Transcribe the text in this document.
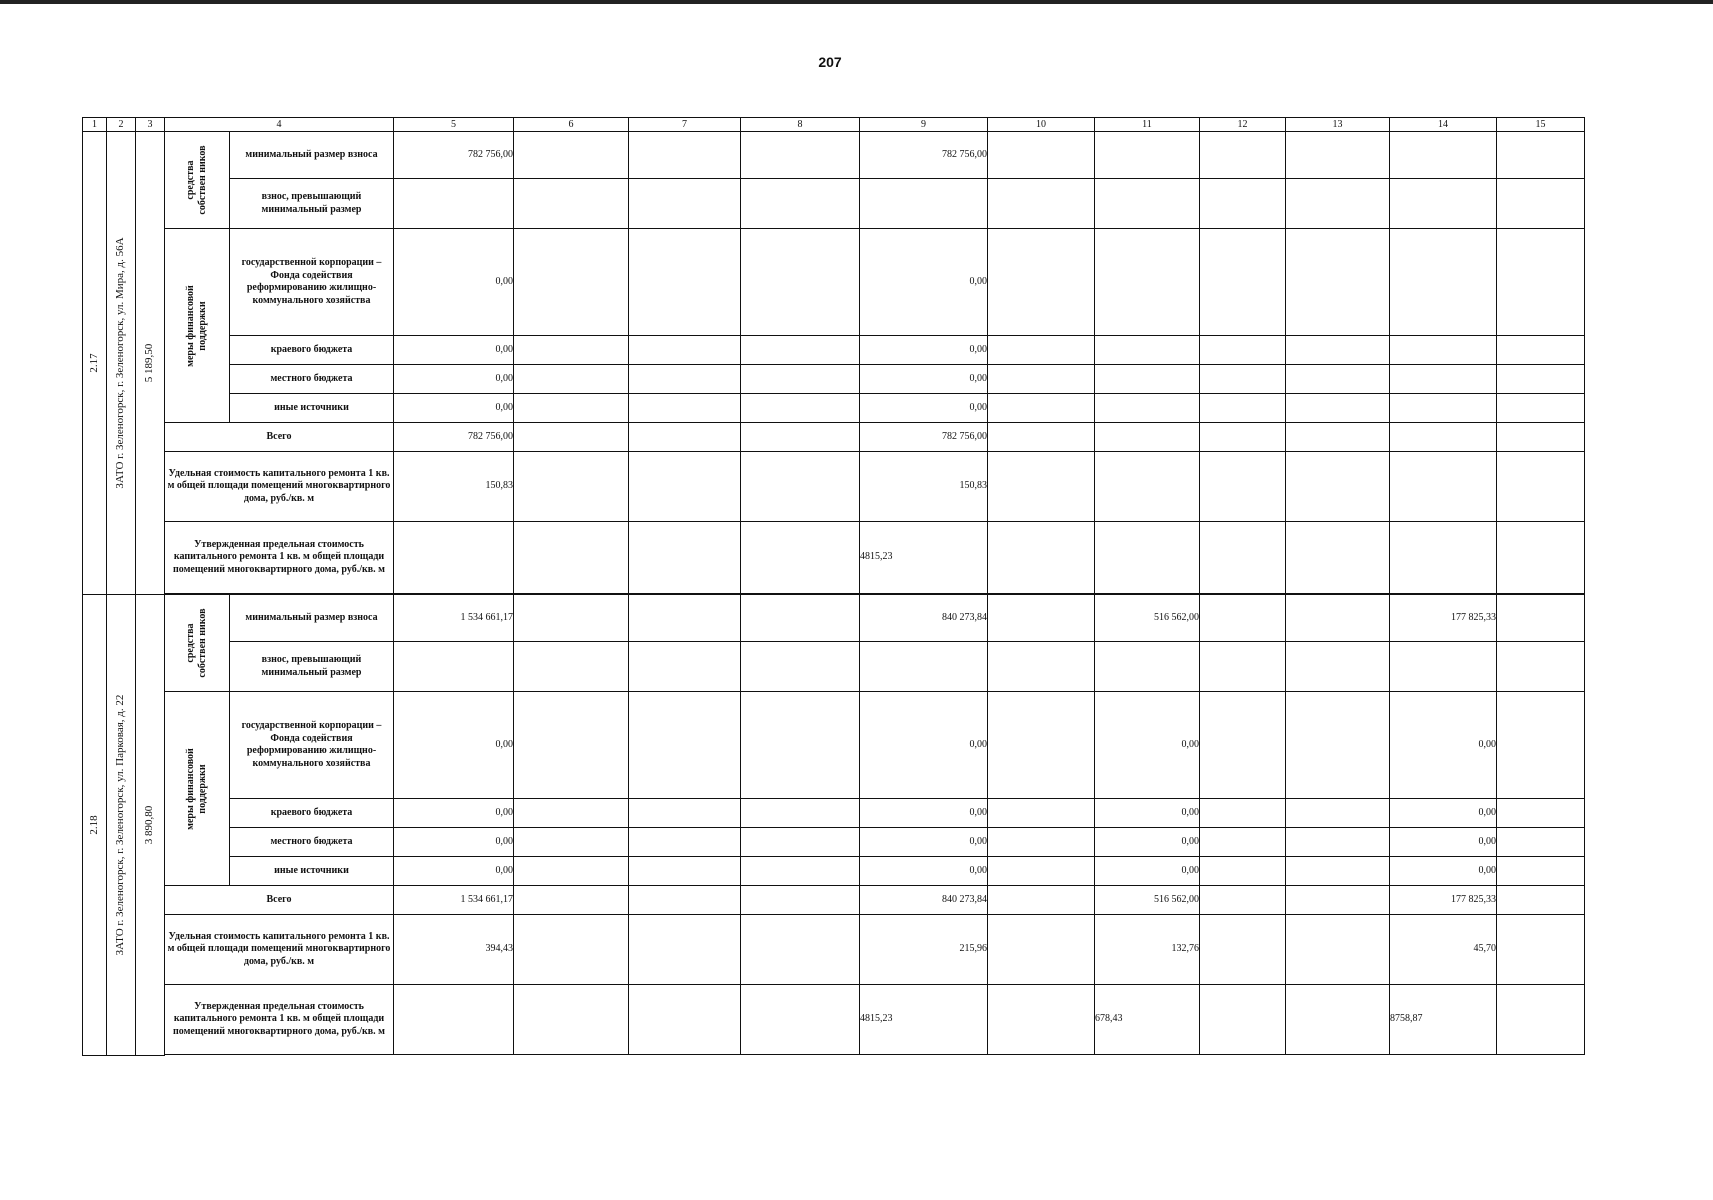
207
1	2	3	4		5	6	7	8	9	10	11	12	13	14	15

2.17	ЗАТО г. Зеленогорск, г. Зеленогорск, ул. Мира, д. 56А	5 189,50	средства собствен ников	минимальный размер взноса	782 756,00				782 756,00						
				взнос, превышающий минимальный размер											

			меры финансовой поддержки	государственной корпорации – Фонда содействия реформированию жилищно-коммунального хозяйства	0,00				0,00						
				краевого бюджета	0,00				0,00						
				местного бюджета	0,00				0,00						
				иные источники	0,00				0,00						
			Всего		782 756,00				782 756,00						
			Удельная стоимость капитального ремонта 1 кв. м общей площади помещений многоквартирного дома, руб./кв. м		150,83				150,83						
			Утвержденная предельная стоимость капитального ремонта 1 кв. м общей площади помещений многоквартирного дома, руб./кв. м						4815,23						

2.18	ЗАТО г. Зеленогорск, г. Зеленогорск, ул. Парковая, д. 22	3 890,80	средства собствен ников	минимальный размер взноса	1 534 661,17				840 273,84		516 562,00			177 825,33	
				взнос, превышающий минимальный размер											

			меры финансовой поддержки	государственной корпорации – Фонда содействия реформированию жилищно-коммунального хозяйства	0,00				0,00		0,00			0,00	
				краевого бюджета	0,00				0,00		0,00			0,00	
				местного бюджета	0,00				0,00		0,00			0,00	
				иные источники	0,00				0,00		0,00			0,00	
			Всего		1 534 661,17				840 273,84		516 562,00			177 825,33	
			Удельная стоимость капитального ремонта 1 кв. м общей площади помещений многоквартирного дома, руб./кв. м		394,43				215,96		132,76			45,70	
			Утвержденная предельная стоимость капитального ремонта 1 кв. м общей площади помещений многоквартирного дома, руб./кв. м						4815,23		678,43			8758,87	
